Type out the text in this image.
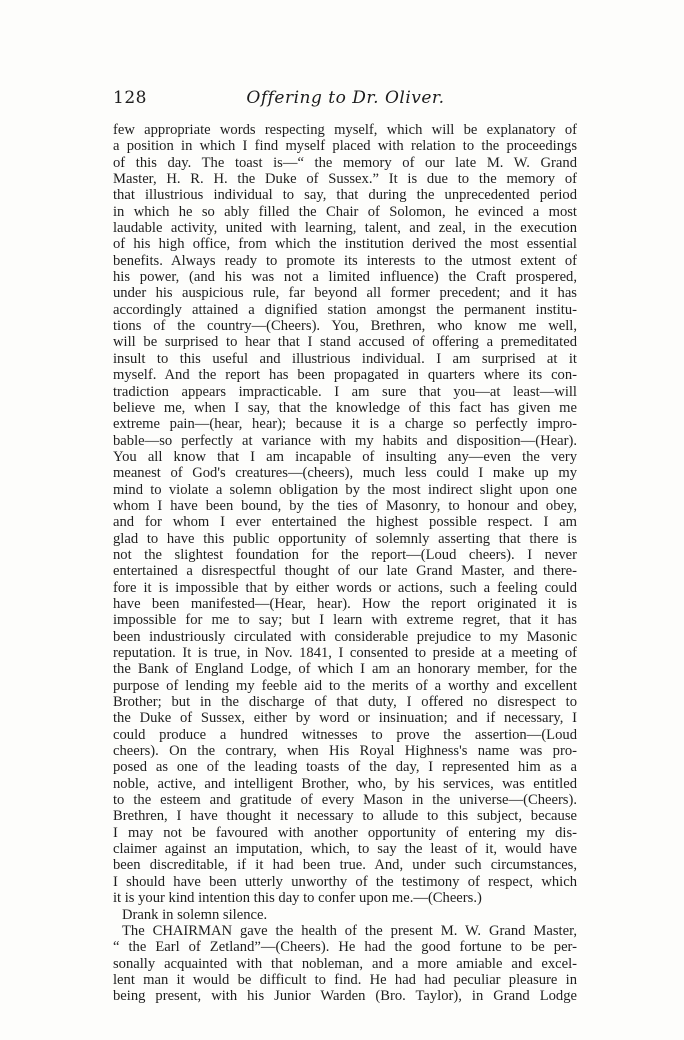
128	Offering to Dr. Oliver.
few appropriate words respecting myself, which will be explanatory of
a position in which I find myself placed with relation to the proceedings
of this day. The toast is—“ the memory of our late M. W. Grand
Master, H. R. H. the Duke of Sussex.” It is due to the memory of
that illustrious individual to say, that during the unprecedented period
in which he so ably filled the Chair of Solomon, he evinced a most
laudable activity, united with learning, talent, and zeal, in the execution
of his high office, from which the institution derived the most essential
benefits. Always ready to promote its interests to the utmost extent of
his power, (and his was not a limited influence) the Craft prospered,
under his auspicious rule, far beyond all former precedent; and it has
accordingly attained a dignified station amongst the permanent institu-
tions of the country—(Cheers). You, Brethren, who know me well,
will be surprised to hear that I stand accused of offering a premeditated
insult to this useful and illustrious individual. I am surprised at it
myself. And the report has been propagated in quarters where its con-
tradiction appears impracticable. I am sure that you—at least—will
believe me, when I say, that the knowledge of this fact has given me
extreme pain—(hear, hear); because it is a charge so perfectly impro-
bable—so perfectly at variance with my habits and disposition—(Hear).
You all know that I am incapable of insulting any—even the very
meanest of God's creatures—(cheers), much less could I make up my
mind to violate a solemn obligation by the most indirect slight upon one
whom I have been bound, by the ties of Masonry, to honour and obey,
and for whom I ever entertained the highest possible respect. I am
glad to have this public opportunity of solemnly asserting that there is
not the slightest foundation for the report—(Loud cheers). I never
entertained a disrespectful thought of our late Grand Master, and there-
fore it is impossible that by either words or actions, such a feeling could
have been manifested—(Hear, hear). How the report originated it is
impossible for me to say; but I learn with extreme regret, that it has
been industriously circulated with considerable prejudice to my Masonic
reputation. It is true, in Nov. 1841, I consented to preside at a meeting of
the Bank of England Lodge, of which I am an honorary member, for the
purpose of lending my feeble aid to the merits of a worthy and excellent
Brother; but in the discharge of that duty, I offered no disrespect to
the Duke of Sussex, either by word or insinuation; and if necessary, I
could produce a hundred witnesses to prove the assertion—(Loud
cheers). On the contrary, when His Royal Highness's name was pro-
posed as one of the leading toasts of the day, I represented him as a
noble, active, and intelligent Brother, who, by his services, was entitled
to the esteem and gratitude of every Mason in the universe—(Cheers).
Brethren, I have thought it necessary to allude to this subject, because
I may not be favoured with another opportunity of entering my dis-
claimer against an imputation, which, to say the least of it, would have
been discreditable, if it had been true. And, under such circumstances,
I should have been utterly unworthy of the testimony of respect, which
it is your kind intention this day to confer upon me.—(Cheers.)
Drank in solemn silence.
The CHAIRMAN gave the health of the present M. W. Grand Master,
“ the Earl of Zetland”—(Cheers). He had the good fortune to be per-
sonally acquainted with that nobleman, and a more amiable and excel-
lent man it would be difficult to find. He had had peculiar pleasure in
being present, with his Junior Warden (Bro. Taylor), in Grand Lodge
